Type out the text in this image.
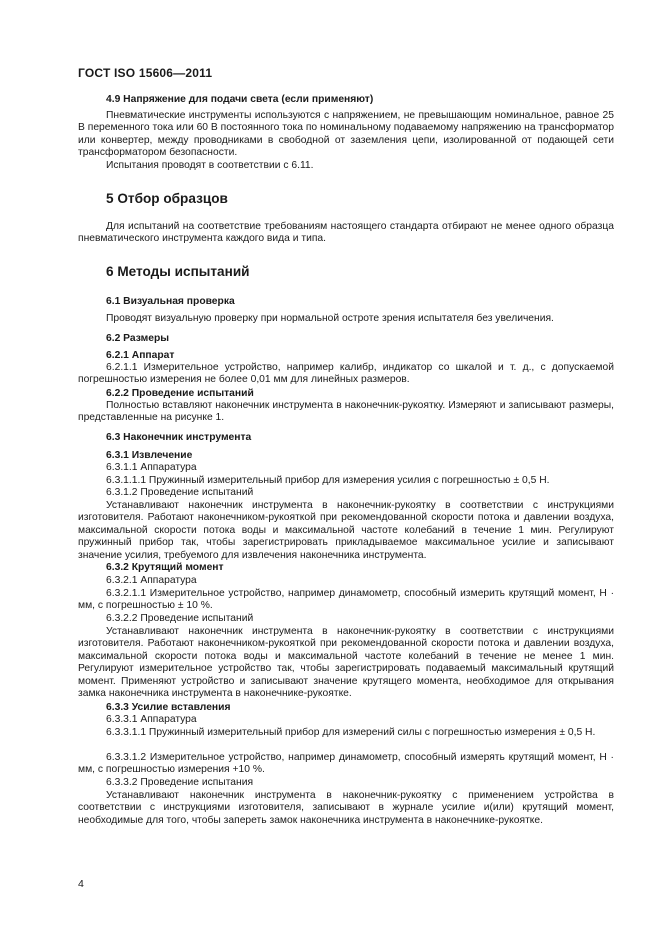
ГОСТ ISO 15606—2011

4.9 Напряжение для подачи света (если применяют)

Пневматические инструменты используются с напряжением, не превышающим номинальное, равное 25 В переменного тока или 60 В постоянного тока по номинальному подаваемому напряжению на трансформатор или конвертер, между проводниками в свободной от заземления цепи, изолированной от подающей сети трансформатором безопасности.

Испытания проводят в соответствии с 6.11.

5 Отбор образцов

Для испытаний на соответствие требованиям настоящего стандарта отбирают не менее одного образца пневматического инструмента каждого вида и типа.

6 Методы испытаний

6.1 Визуальная проверка

Проводят визуальную проверку при нормальной остроте зрения испытателя без увеличения.

6.2 Размеры

6.2.1 Аппарат

6.2.1.1 Измерительное устройство, например калибр, индикатор со шкалой и т. д., с допускаемой погрешностью измерения не более 0,01 мм для линейных размеров.

6.2.2 Проведение испытаний

Полностью вставляют наконечник инструмента в наконечник-рукоятку. Измеряют и записывают размеры, представленные на рисунке 1.

6.3 Наконечник инструмента

6.3.1 Извлечение

6.3.1.1 Аппаратура

6.3.1.1.1 Пружинный измерительный прибор для измерения усилия с погрешностью ± 0,5 Н.

6.3.1.2 Проведение испытаний

Устанавливают наконечник инструмента в наконечник-рукоятку в соответствии с инструкциями изготовителя. Работают наконечником-рукояткой при рекомендованной скорости потока и давлении воздуха, максимальной скорости потока воды и максимальной частоте колебаний в течение 1 мин. Регулируют пружинный прибор так, чтобы зарегистрировать прикладываемое максимальное усилие и записывают значение усилия, требуемого для извлечения наконечника инструмента.

6.3.2 Крутящий момент

6.3.2.1 Аппаратура

6.3.2.1.1 Измерительное устройство, например динамометр, способный измерить крутящий момент, Н · мм, с погрешностью ± 10 %.

6.3.2.2 Проведение испытаний

Устанавливают наконечник инструмента в наконечник-рукоятку в соответствии с инструкциями изготовителя. Работают наконечником-рукояткой при рекомендованной скорости потока и давлении воздуха, максимальной скорости потока воды и максимальной частоте колебаний в течение не менее 1 мин. Регулируют измерительное устройство так, чтобы зарегистрировать подаваемый максимальный крутящий момент. Применяют устройство и записывают значение крутящего момента, необходимое для открывания замка наконечника инструмента в наконечнике-рукоятке.

6.3.3 Усилие вставления

6.3.3.1 Аппаратура

6.3.3.1.1 Пружинный измерительный прибор для измерений силы с погрешностью измерения ± 0,5 Н.

6.3.3.1.2 Измерительное устройство, например динамометр, способный измерять крутящий момент, Н · мм, с погрешностью измерения +10 %.

6.3.3.2 Проведение испытания

Устанавливают наконечник инструмента в наконечник-рукоятку с применением устройства в соответствии с инструкциями изготовителя, записывают в журнале усилие и(или) крутящий момент, необходимые для того, чтобы запереть замок наконечника инструмента в наконечнике-рукоятке.

4
